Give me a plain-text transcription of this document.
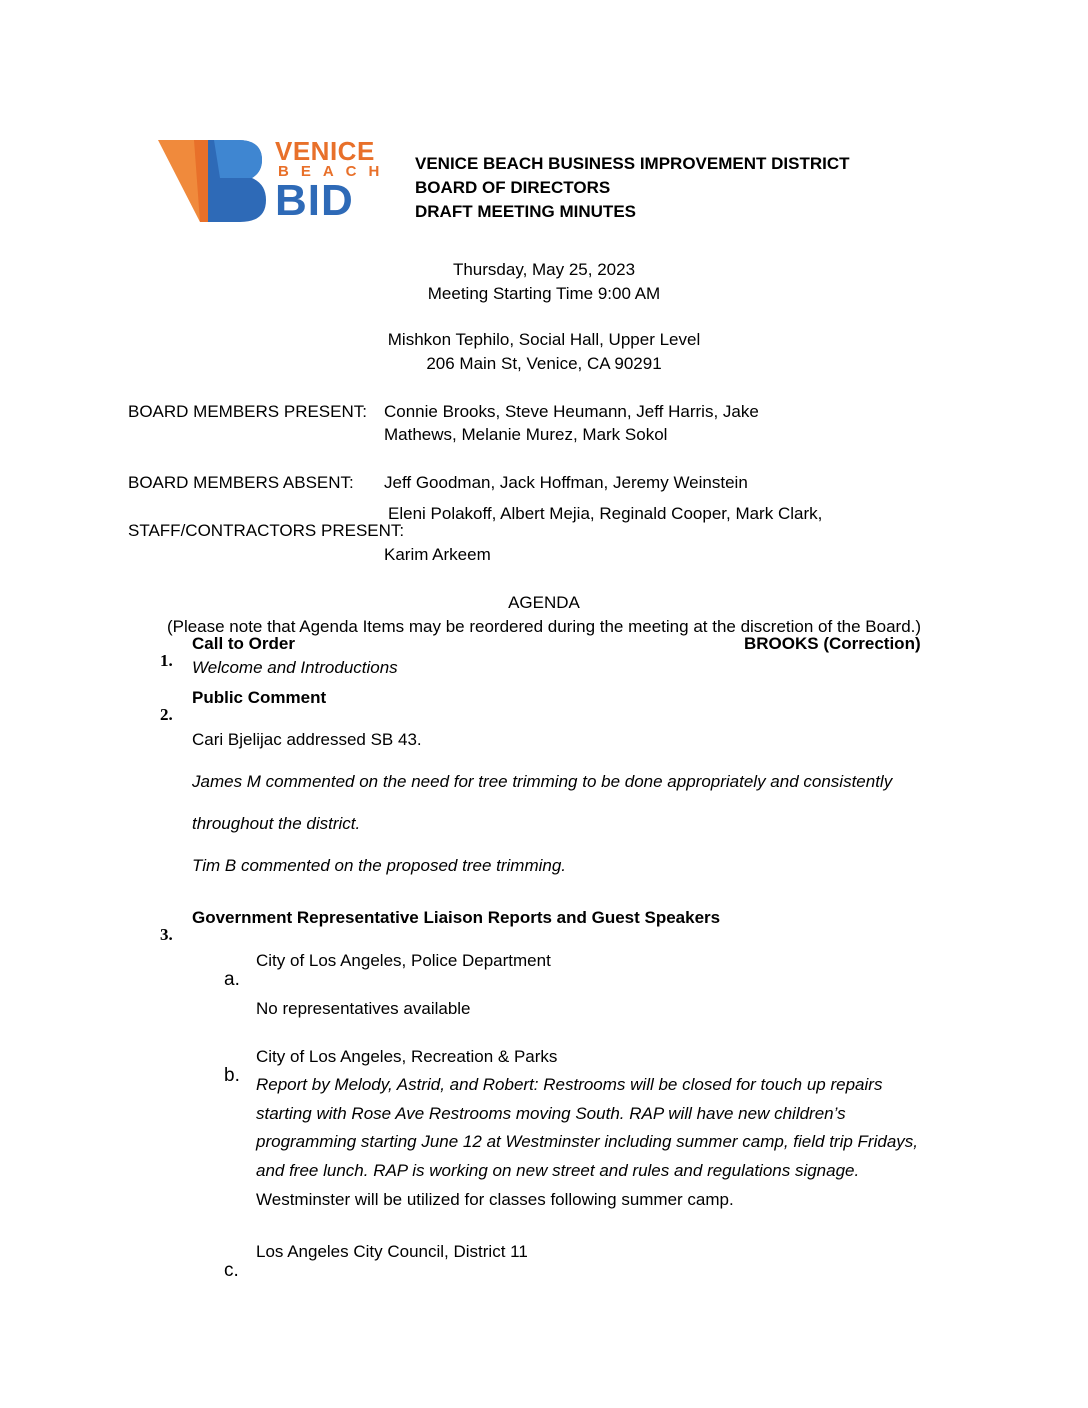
VENICE

BEACH

BID

VENICE BEACH BUSINESS IMPROVEMENT DISTRICT

BOARD OF DIRECTORS

DRAFT MEETING MINUTES

Thursday, May 25, 2023

Meeting Starting Time 9:00 AM

Mishkon Tephilo, Social Hall, Upper Level

206 Main St, Venice, CA 90291

BOARD MEMBERS PRESENT: Connie Brooks, Steve Heumann, Jeff Harris, Jake

Mathews, Melanie Murez, Mark Sokol

BOARD MEMBERS ABSENT: Jeff Goodman, Jack Hoffman, Jeremy Weinstein

STAFF/CONTRACTORS PRESENT:

Eleni Polakoff, Albert Mejia, Reginald Cooper, Mark Clark,

Karim Arkeem

AGENDA

(Please note that Agenda Items may be reordered during the meeting at the discretion of the Board.)

1.

Call to Order	BROOKS (Correction)

Welcome and Introductions

2.

Public Comment

Cari Bjelijac addressed SB 43.

James M commented on the need for tree trimming to be done appropriately and consistently

throughout the district.

Tim B commented on the proposed tree trimming.

3.

Government Representative Liaison Reports and Guest Speakers

a.

City of Los Angeles, Police Department

No representatives available

b.

City of Los Angeles, Recreation & Parks

Report by Melody, Astrid, and Robert: Restrooms will be closed for touch up repairs

starting with Rose Ave Restrooms moving South. RAP will have new children’s

programming starting June 12 at Westminster including summer camp, field trip Fridays,

and free lunch. RAP is working on new street and rules and regulations signage.

Westminster will be utilized for classes following summer camp.

c.

Los Angeles City Council, District 11
